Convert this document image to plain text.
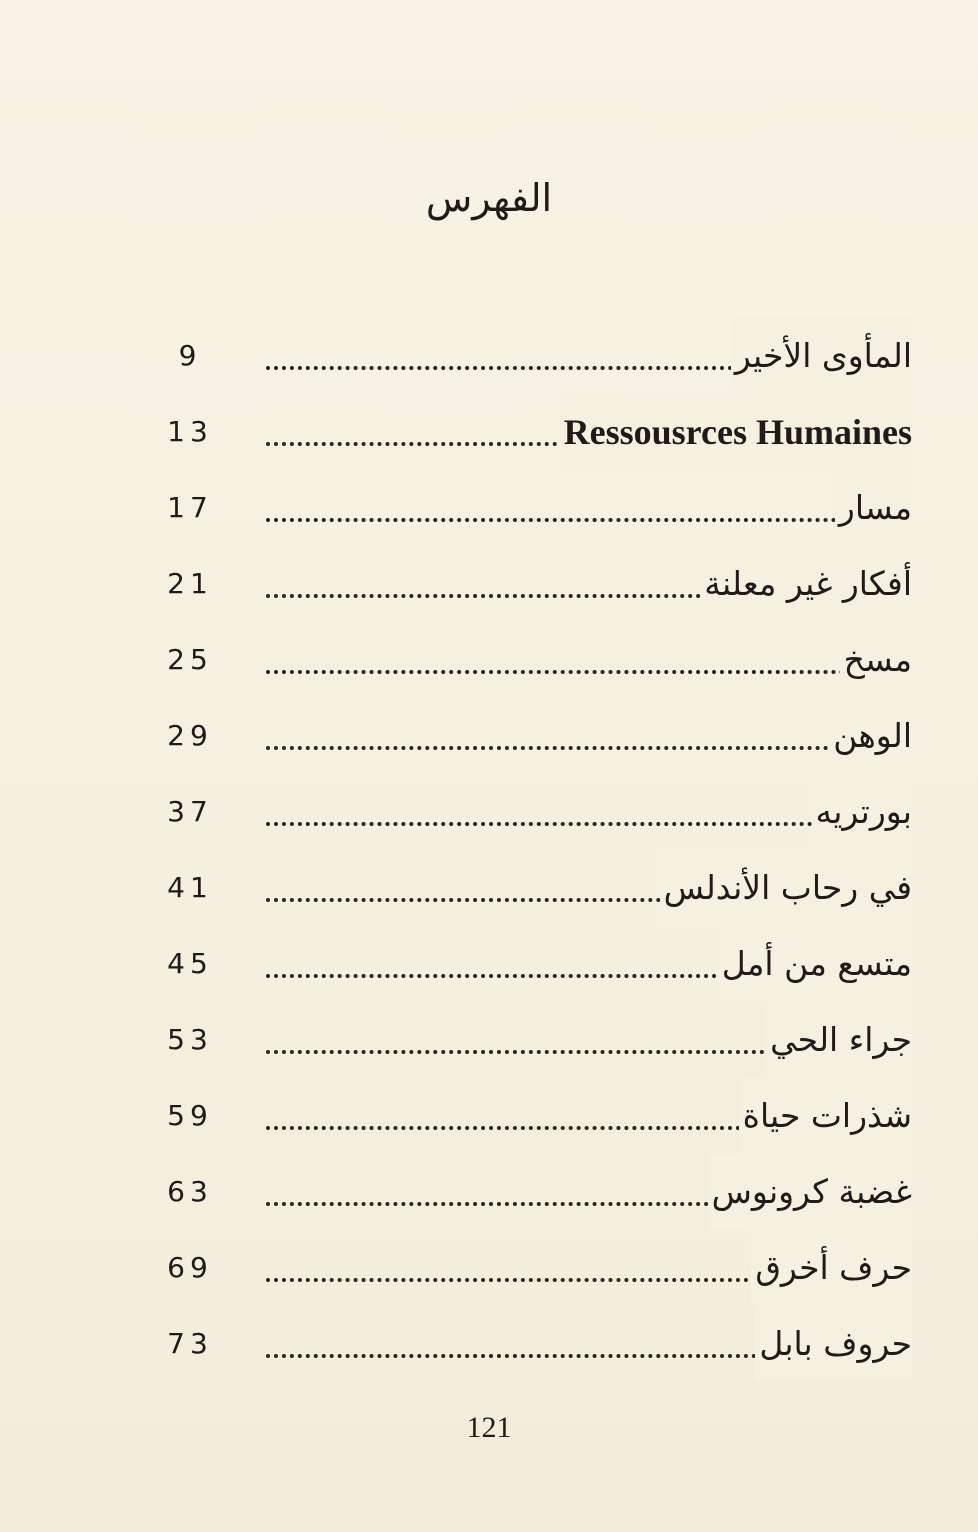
الفهرس
المأوى الأخير
9
Ressousrces Humaines
13
مسار
17
أفكار غير معلنة
21
مسخ
25
الوهن
29
بورتريه
37
في رحاب الأندلس
41
متسع من أمل
45
جراء الحي
53
شذرات حياة
59
غضبة كرونوس
63
حرف أخرق
69
حروف بابل
73
121
